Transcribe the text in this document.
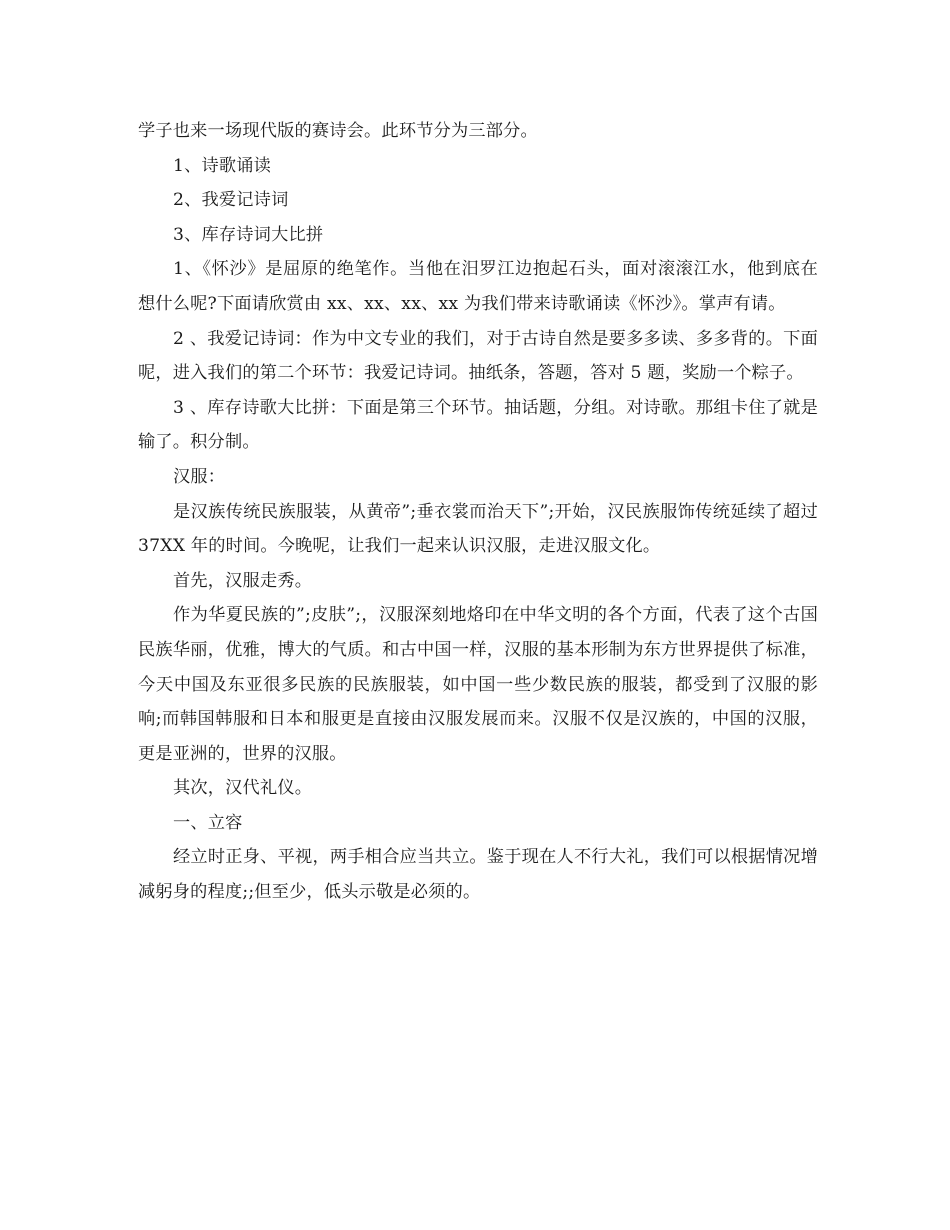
学子也来一场现代版的赛诗会。此环节分为三部分。

1、诗歌诵读

2、我爱记诗词

3、库存诗词大比拼

1、《怀沙》是屈原的绝笔作。当他在汨罗江边抱起石头，面对滚滚江水，他到底在想什么呢?下面请欣赏由 xx、xx、xx、xx 为我们带来诗歌诵读《怀沙》。掌声有请。

2 、我爱记诗词：作为中文专业的我们，对于古诗自然是要多多读、多多背的。下面呢，进入我们的第二个环节：我爱记诗词。抽纸条，答题，答对 5 题，奖励一个粽子。

3 、库存诗歌大比拼：下面是第三个环节。抽话题，分组。对诗歌。那组卡住了就是输了。积分制。

汉服：

是汉族传统民族服装，从黄帝”;垂衣裳而治天下”;开始，汉民族服饰传统延续了超过 37XX 年的时间。今晚呢，让我们一起来认识汉服，走进汉服文化。

首先，汉服走秀。

作为华夏民族的”;皮肤”;，汉服深刻地烙印在中华文明的各个方面，代表了这个古国民族华丽，优雅，博大的气质。和古中国一样，汉服的基本形制为东方世界提供了标准，今天中国及东亚很多民族的民族服装，如中国一些少数民族的服装，都受到了汉服的影响;而韩国韩服和日本和服更是直接由汉服发展而来。汉服不仅是汉族的，中国的汉服，更是亚洲的，世界的汉服。

其次，汉代礼仪。

一、立容

经立时正身、平视，两手相合应当共立。鉴于现在人不行大礼，我们可以根据情况增减躬身的程度;;但至少，低头示敬是必须的。
